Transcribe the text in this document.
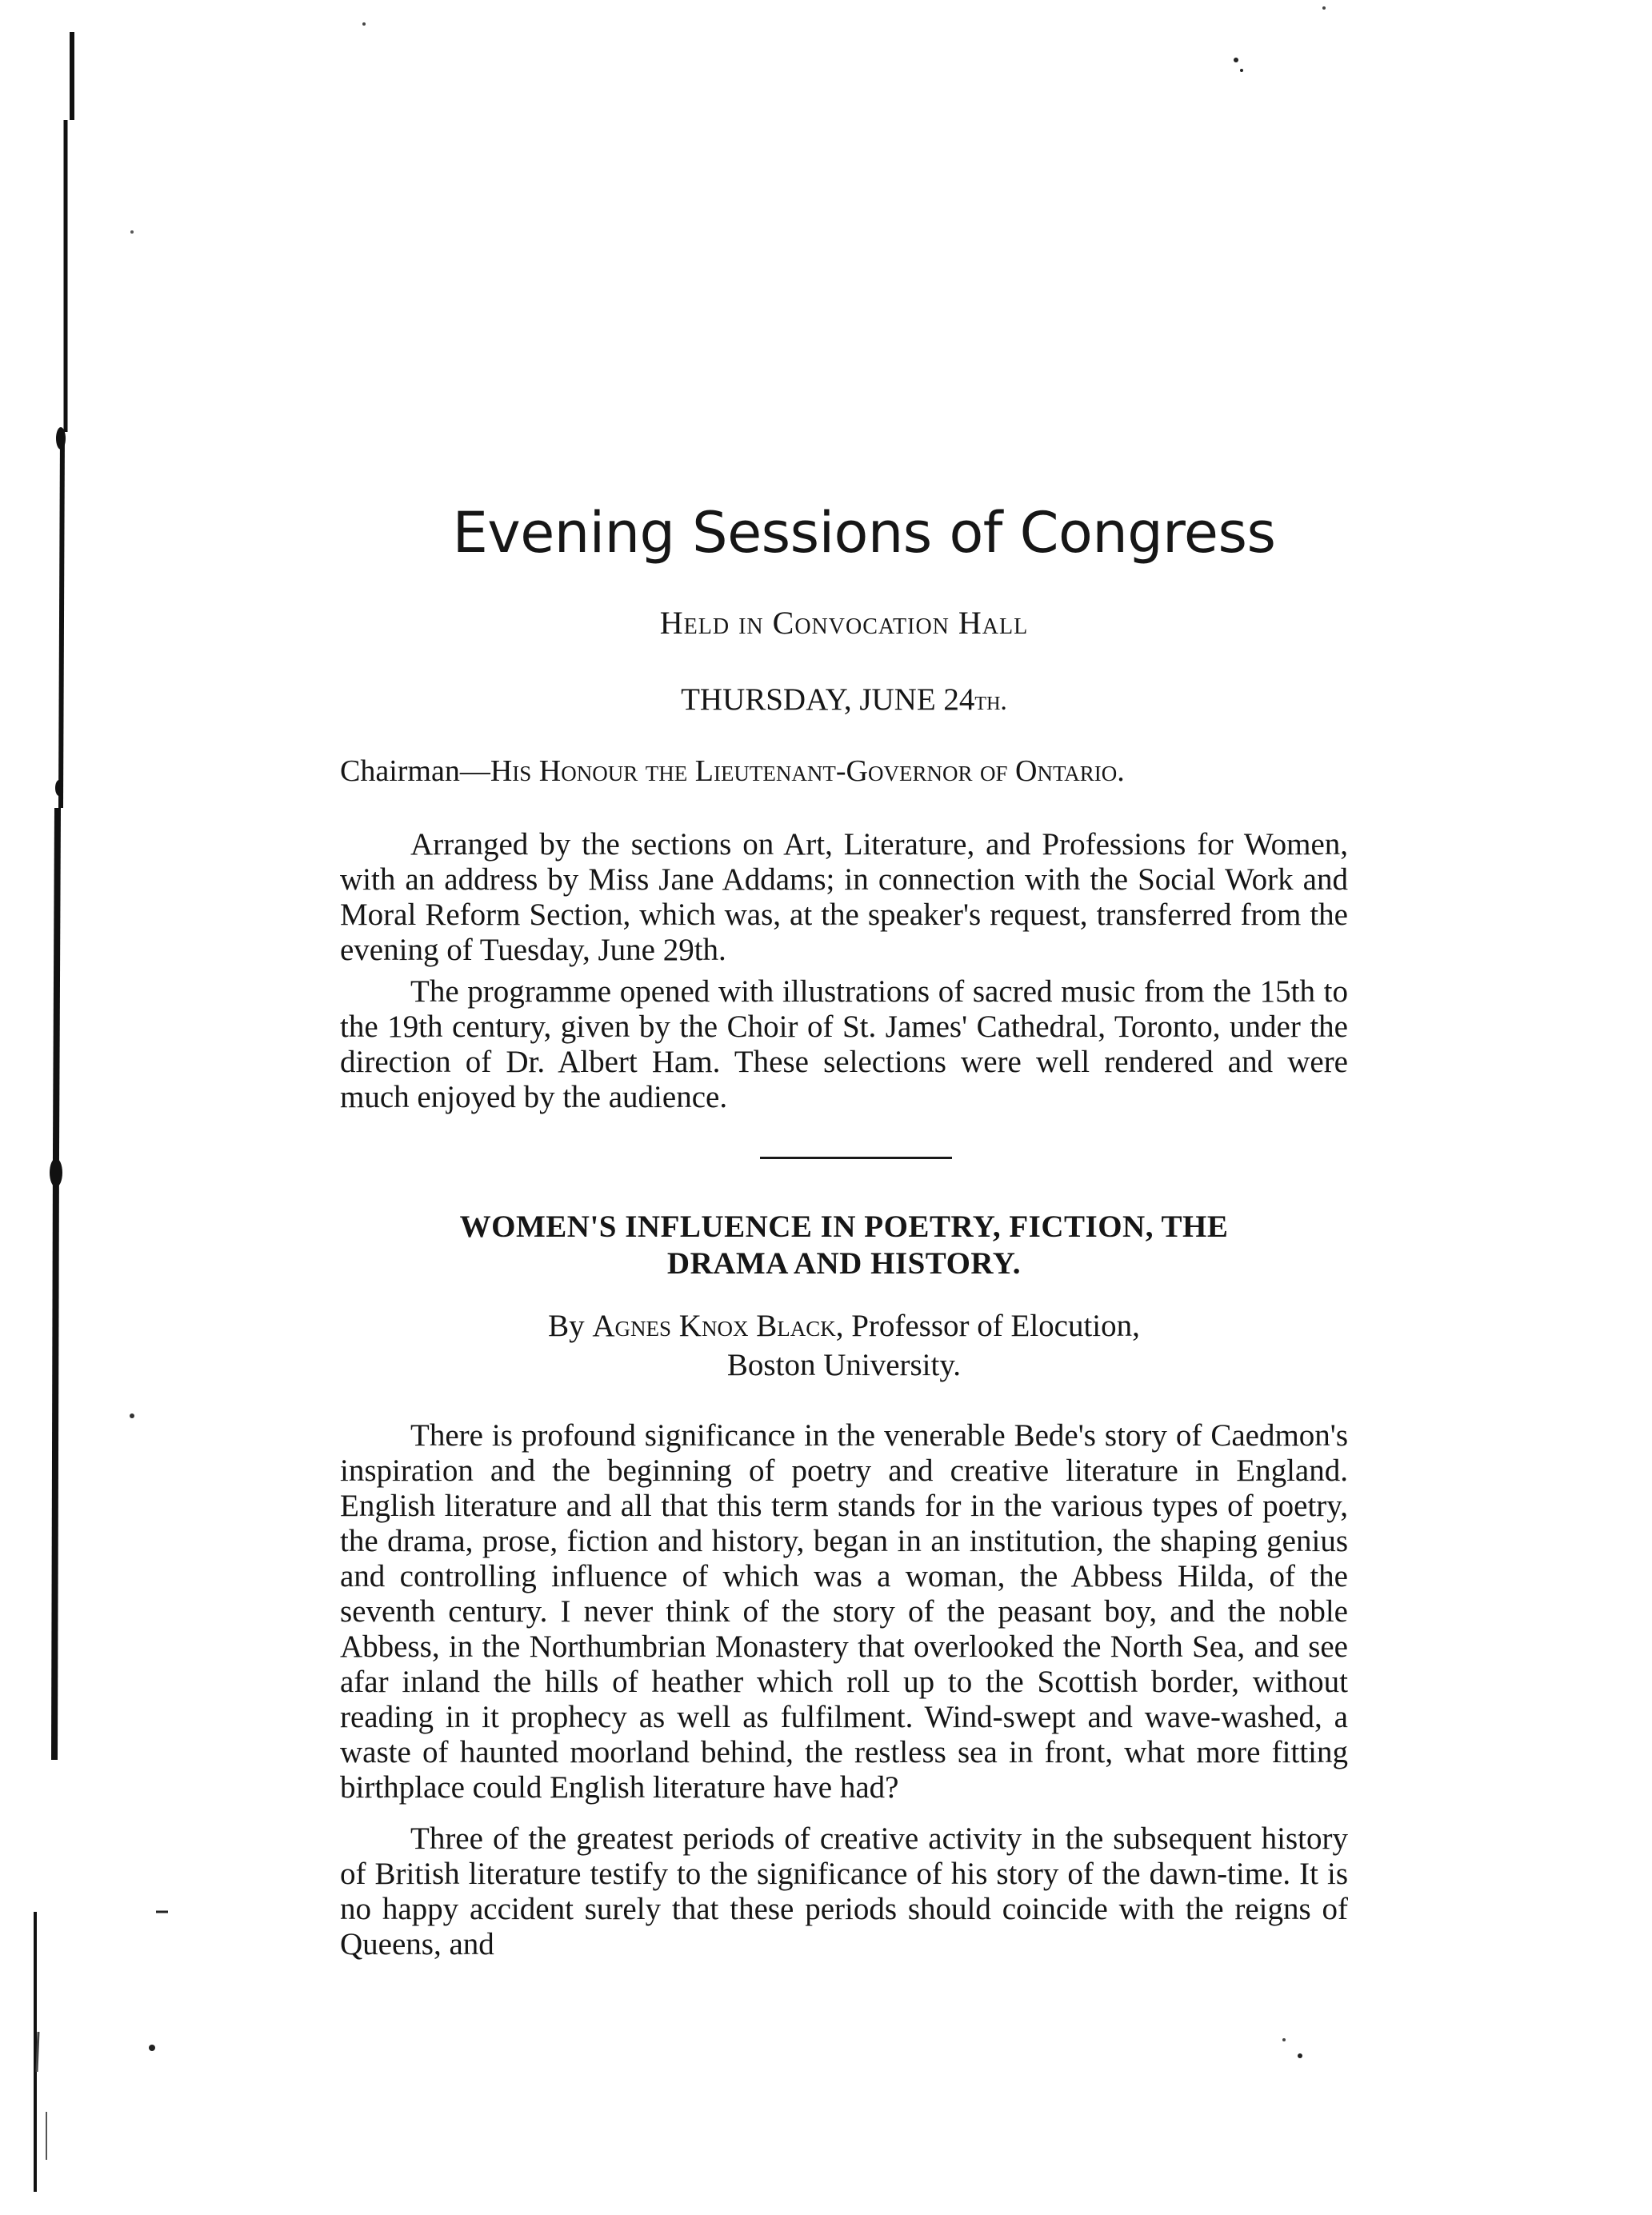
Evening Sessions of Congress

Held in Convocation Hall

THURSDAY, JUNE 24th.

Chairman—His Honour the Lieutenant-Governor of Ontario.

Arranged by the sections on Art, Literature, and Professions for Women, with an address by Miss Jane Addams; in connection with the Social Work and Moral Reform Section, which was, at the speaker's request, transferred from the evening of Tuesday, June 29th.

The programme opened with illustrations of sacred music from the 15th to the 19th century, given by the Choir of St. James' Cathedral, Toronto, under the direction of Dr. Albert Ham. These selections were well rendered and were much enjoyed by the audience.

WOMEN'S INFLUENCE IN POETRY, FICTION, THE
DRAMA AND HISTORY.

By Agnes Knox Black, Professor of Elocution,
Boston University.

There is profound significance in the venerable Bede's story of Caedmon's inspiration and the beginning of poetry and creative literature in England. English literature and all that this term stands for in the various types of poetry, the drama, prose, fiction and history, began in an institution, the shaping genius and controlling influence of which was a woman, the Abbess Hilda, of the seventh century. I never think of the story of the peasant boy, and the noble Abbess, in the Northumbrian Monastery that overlooked the North Sea, and see afar inland the hills of heather which roll up to the Scottish border, without reading in it prophecy as well as fulfilment. Wind-swept and wave-washed, a waste of haunted moorland behind, the restless sea in front, what more fitting birthplace could English literature have had?

Three of the greatest periods of creative activity in the subsequent history of British literature testify to the significance of his story of the dawn-time. It is no happy accident surely that these periods should coincide with the reigns of Queens, and
